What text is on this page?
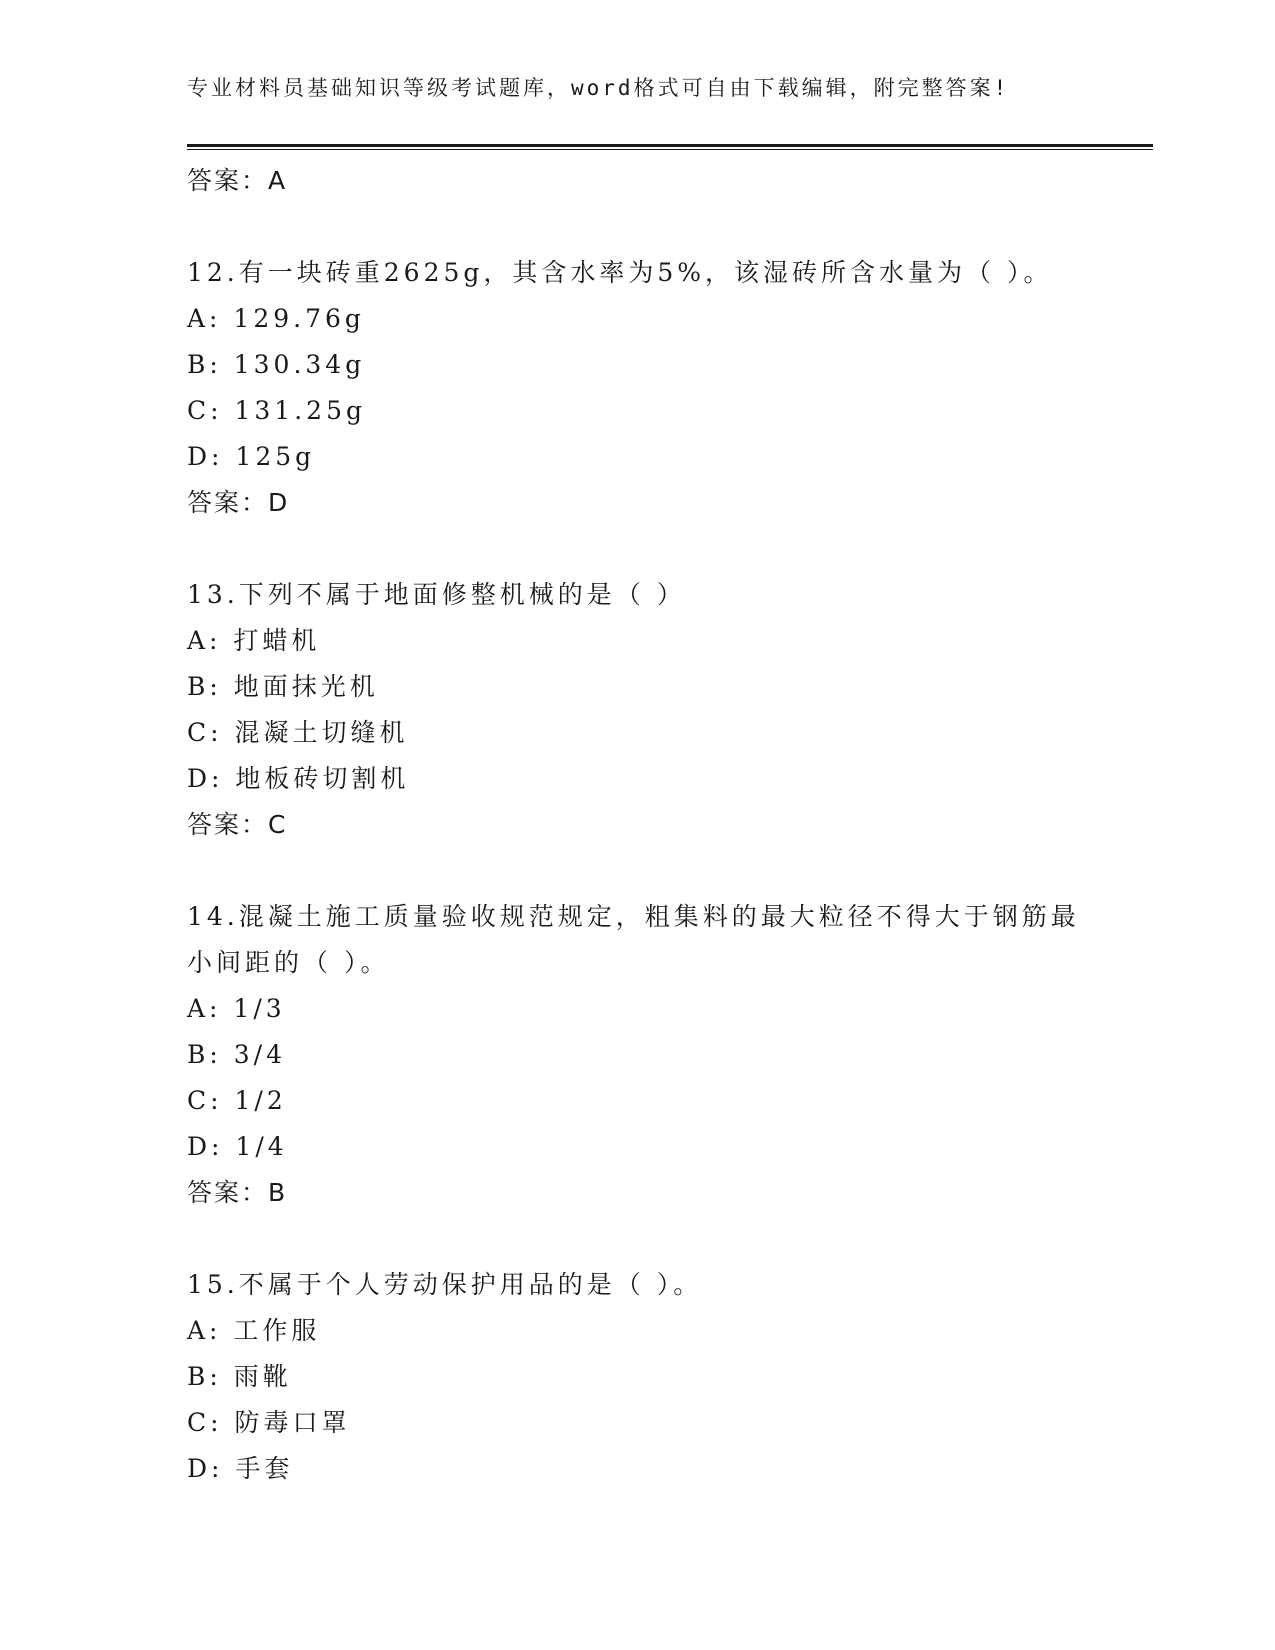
专业材料员基础知识等级考试题库，word格式可自由下载编辑，附完整答案!
答案：A
12.有一块砖重2625g，其含水率为5%，该湿砖所含水量为（ ）。
A: 129.76g
B: 130.34g
C: 131.25g
D: 125g
答案：D
13.下列不属于地面修整机械的是（ ）
A: 打蜡机
B: 地面抹光机
C: 混凝土切缝机
D: 地板砖切割机
答案：C
14.混凝土施工质量验收规范规定，粗集料的最大粒径不得大于钢筋最
小间距的（ ）。
A: 1/3
B: 3/4
C: 1/2
D: 1/4
答案：B
15.不属于个人劳动保护用品的是（ ）。
A: 工作服
B: 雨靴
C: 防毒口罩
D: 手套
